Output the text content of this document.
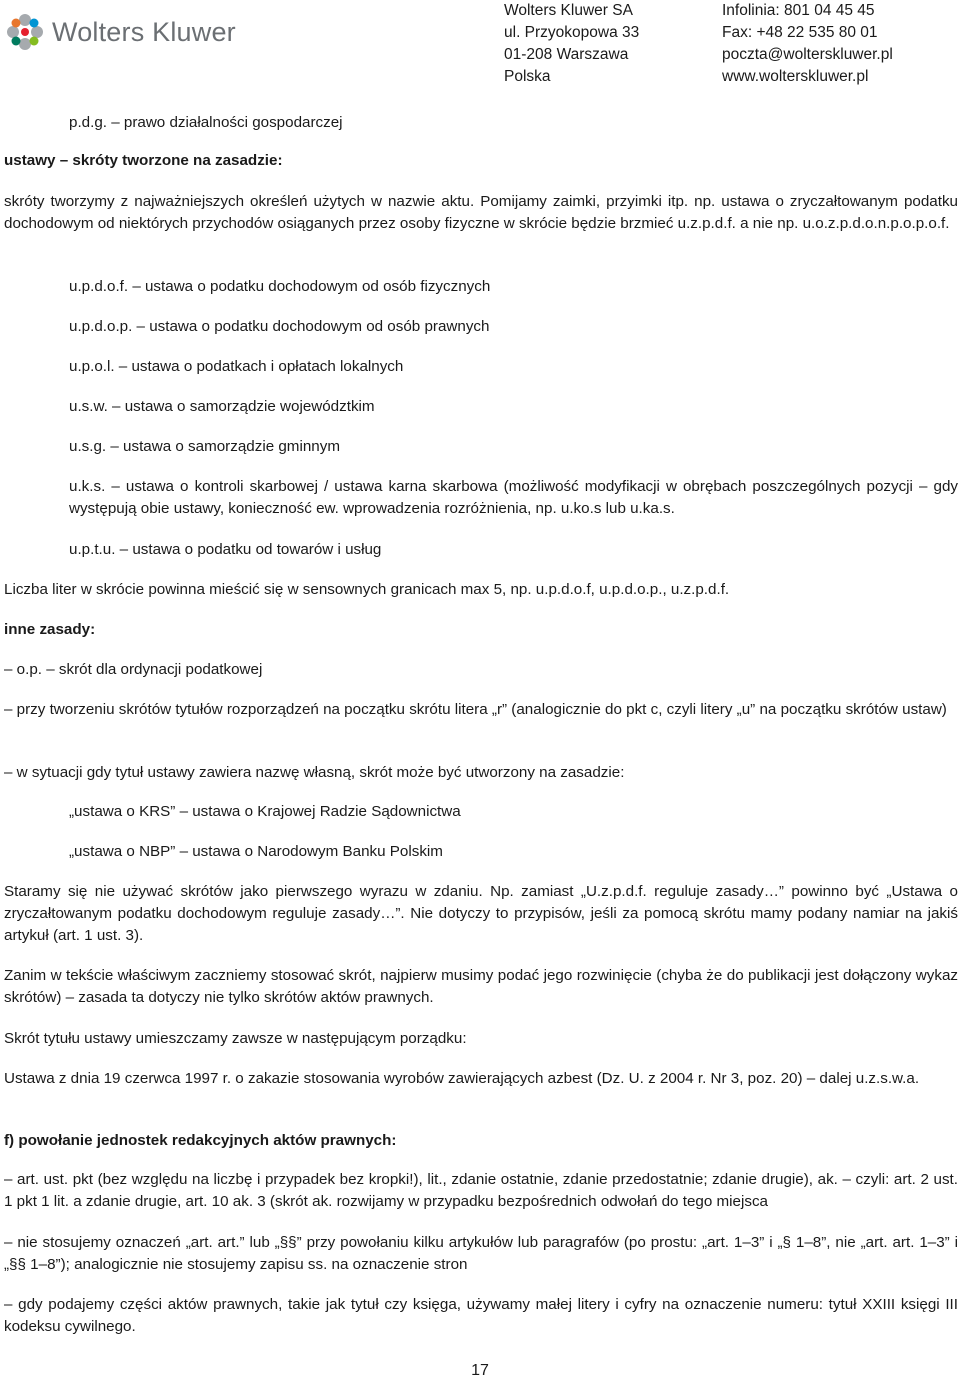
Wolters Kluwer
Wolters Kluwer SA
ul. Przyokopowa 33
01-208 Warszawa
Polska
Infolinia: 801 04 45 45
Fax: +48 22 535 80 01
poczta@wolterskluwer.pl
www.wolterskluwer.pl
p.d.g. – prawo działalności gospodarczej
ustawy – skróty tworzone na zasadzie:
skróty tworzymy z najważniejszych określeń użytych w nazwie aktu. Pomijamy zaimki, przyimki itp. np. ustawa o zryczałtowanym podatku dochodowym od niektórych przychodów osiąganych przez osoby fizyczne w skrócie będzie brzmieć u.z.p.d.f. a nie np. u.o.z.p.d.o.n.p.o.p.o.f.
u.p.d.o.f. – ustawa o podatku dochodowym od osób fizycznych
u.p.d.o.p. – ustawa o podatku dochodowym od osób prawnych
u.p.o.l. – ustawa o podatkach i opłatach lokalnych
u.s.w. – ustawa o samorządzie województkim
u.s.g. – ustawa o samorządzie gminnym
u.k.s. – ustawa o kontroli skarbowej / ustawa karna skarbowa (możliwość modyfikacji w obrębach poszczególnych pozycji – gdy występują obie ustawy, konieczność ew. wprowadzenia rozróżnienia, np. u.ko.s lub u.ka.s.
u.p.t.u. – ustawa o podatku od towarów i usług
Liczba liter w skrócie powinna mieścić się w sensownych granicach max 5, np. u.p.d.o.f, u.p.d.o.p., u.z.p.d.f.
inne zasady:
– o.p. – skrót dla ordynacji podatkowej
– przy tworzeniu skrótów tytułów rozporządzeń na początku skrótu litera „r” (analogicznie do pkt c, czyli litery „u” na początku skrótów ustaw)
– w sytuacji gdy tytuł ustawy zawiera nazwę własną, skrót może być utworzony na zasadzie:
„ustawa o KRS” – ustawa o Krajowej Radzie Sądownictwa
„ustawa o NBP” – ustawa o Narodowym Banku Polskim
Staramy się nie używać skrótów jako pierwszego wyrazu w zdaniu. Np. zamiast „U.z.p.d.f. reguluje zasady…” powinno być „Ustawa o zryczałtowanym podatku dochodowym reguluje zasady…”. Nie dotyczy to przypisów, jeśli za pomocą skrótu mamy podany namiar na jakiś artykuł (art. 1 ust. 3).
Zanim w tekście właściwym zaczniemy stosować skrót, najpierw musimy podać jego rozwinięcie (chyba że do publikacji jest dołączony wykaz skrótów) – zasada ta dotyczy nie tylko skrótów aktów prawnych.
Skrót tytułu ustawy umieszczamy zawsze w następującym porządku:
Ustawa z dnia 19 czerwca 1997 r. o zakazie stosowania wyrobów zawierających azbest (Dz. U. z 2004 r. Nr 3, poz. 20) – dalej u.z.s.w.a.
f) powołanie jednostek redakcyjnych aktów prawnych:
– art. ust. pkt (bez względu na liczbę i przypadek bez kropki!), lit., zdanie ostatnie, zdanie przedostatnie; zdanie drugie), ak. – czyli: art. 2 ust. 1 pkt 1 lit. a zdanie drugie, art. 10 ak. 3 (skrót ak. rozwijamy w przypadku bezpośrednich odwołań do tego miejsca
– nie stosujemy oznaczeń „art. art.” lub „§§” przy powołaniu kilku artykułów lub paragrafów (po prostu: „art. 1–3” i „§ 1–8”, nie „art. art. 1–3” i „§§ 1–8”); analogicznie nie stosujemy zapisu ss. na oznaczenie stron
– gdy podajemy części aktów prawnych, takie jak tytuł czy księga, używamy małej litery i cyfry na oznaczenie numeru: tytuł XXIII księgi III kodeksu cywilnego.
17
